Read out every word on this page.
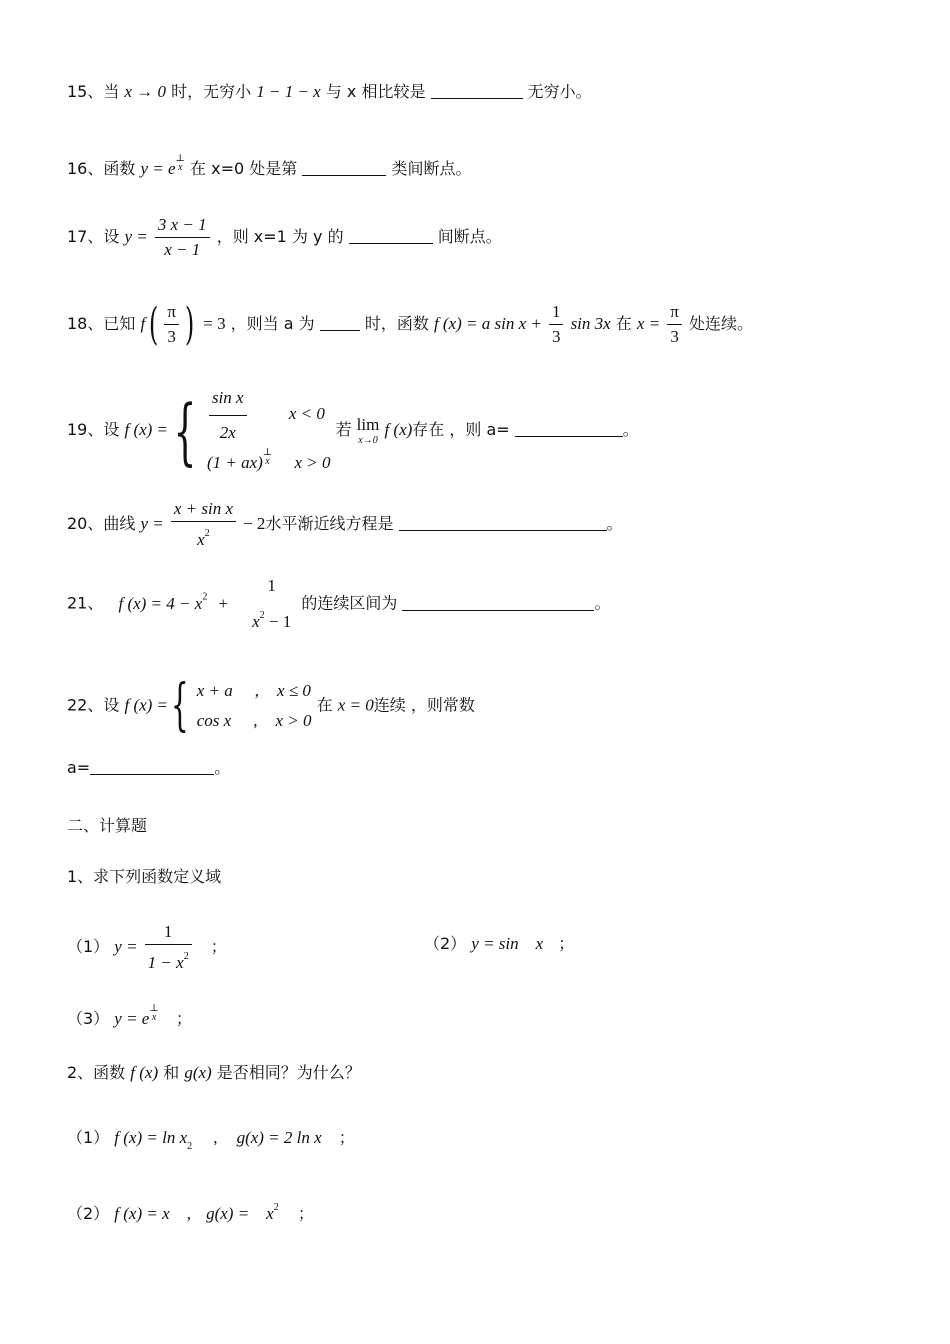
15、当 x → 0 时，无穷小 1 − 1 − x 与 x 相比较是	无穷小。
16、函数 y = e
⊥
x 在 x=0 处是第	类间断点。
17、设 $y = \frac{3 x - 1}{x - 1}$ ，则 x=1 为 y 的	间断点。
18、已知 $f( \frac{\pi}{3}$ ) = 3 ，则当 a 为	时，函数 f (x) = a $\sin x + \frac{1}{3}$ sin 3x 在 $x = \frac{\pi}{3}$ 处连续。
19、设 f (x) ={ $\frac{\text{sin x}}{2x}$ x < 0
(1 + ax)
⊥
x x > 0
若 lim
x→0
f (x)存在 ，则 a=	。
20、曲线 $y = \frac{\text{x + sin x}}{x^2} - 2$水平渐近线方程是	。
21、 f $(x) = 4 - x^2$ +
1
$x^2 - 1$
的连续区间为	。
22、设 f (x) ={ x + a , x ≤ 0
cos x , x > 0
在 x = 0连续 ，则常数
a=	。
二、计算题
1、求下列函数定义域
（1） $y = \frac{1}{1 - x^2}$ ；	（2） y = sin    x ；
（3） y = e
⊥
x ；
2、函数 f (x) 和 g(x) 是否相同？为什么？
（1） f $(x) = \ln x_2$ , g(x) = 2 ln x ；
（2） f (x) = x , g(x) =    $x^2$ ；
